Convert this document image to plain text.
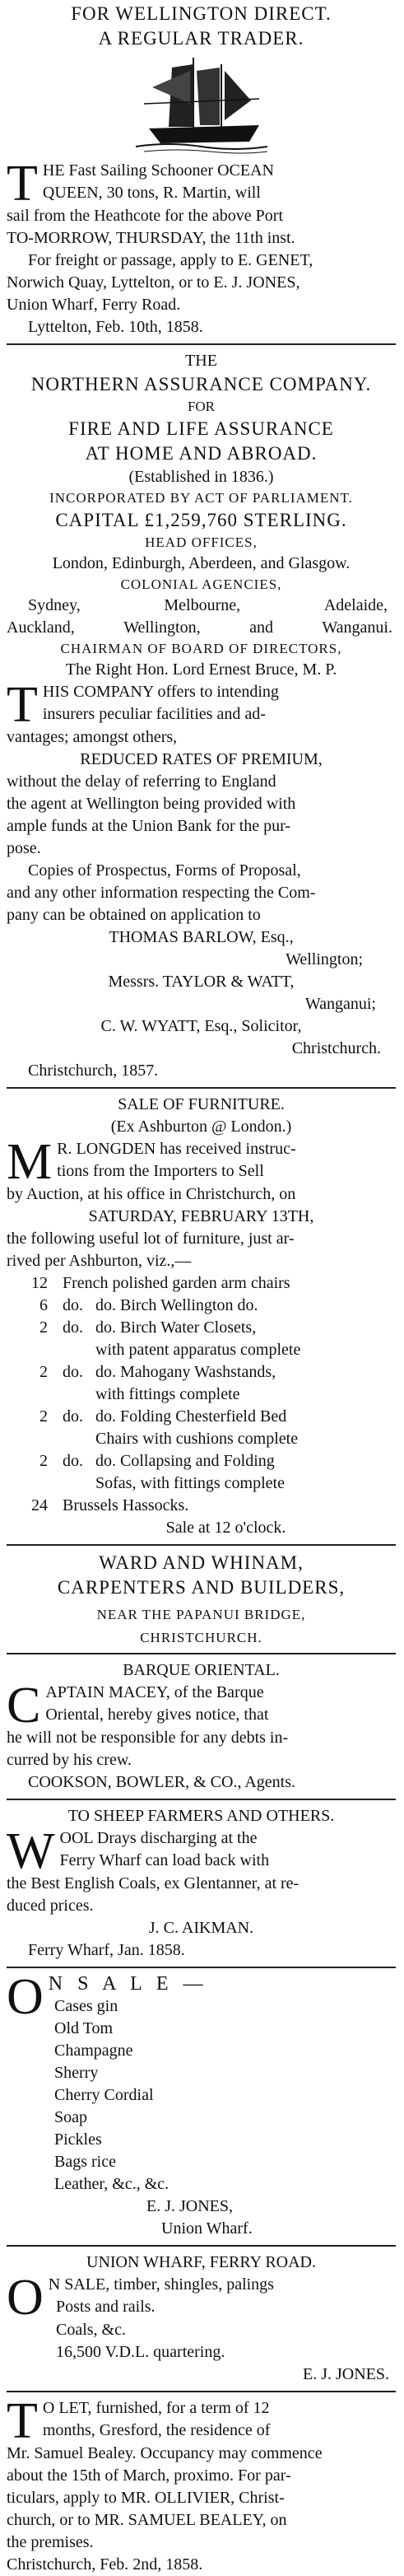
FOR WELLINGTON DIRECT.
A REGULAR TRADER.
T HE Fast Sailing Schooner OCEAN
QUEEN, 30 tons, R. Martin, will
sail from the Heathcote for the above Port
TO-MORROW, THURSDAY, the 11th inst.
For freight or passage, apply to E. GENET,
Norwich Quay, Lyttelton, or to E. J. JONES,
Union Wharf, Ferry Road.
Lyttelton, Feb. 10th, 1858.
THE
NORTHERN ASSURANCE COMPANY.
FOR
FIRE AND LIFE ASSURANCE
AT HOME AND ABROAD.
(Established in 1836.)
INCORPORATED BY ACT OF PARLIAMENT.
CAPITAL £1,259,760 STERLING.
HEAD OFFICES,
London, Edinburgh, Aberdeen, and Glasgow.
COLONIAL AGENCIES,
Sydney,	Melbourne,	Adelaide,
Auckland,	Wellington,	and	Wanganui.
CHAIRMAN OF BOARD OF DIRECTORS,
The Right Hon. Lord Ernest Bruce, M. P.
T HIS COMPANY offers to intending
insurers peculiar facilities and ad-
vantages; amongst others,
REDUCED RATES OF PREMIUM,
without the delay of referring to England
the agent at Wellington being provided with
ample funds at the Union Bank for the pur-
pose.
Copies of Prospectus, Forms of Proposal,
and any other information respecting the Com-
pany can be obtained on application to
THOMAS BARLOW, Esq.,
Wellington;
Messrs. TAYLOR & WATT,
Wanganui;
C. W. WYATT, Esq., Solicitor,
Christchurch.
Christchurch, 1857.
SALE OF FURNITURE.
(Ex Ashburton @ London.)
M R. LONGDEN has received instruc-
tions from the Importers to Sell
by Auction, at his office in Christchurch, on
SATURDAY, FEBRUARY 13TH,
the following useful lot of furniture, just ar-
rived per Ashburton, viz.,—
12 French polished garden arm chairs
6 do. do. Birch Wellington do.
2 do. do. Birch Water Closets,
with patent apparatus complete
2 do. do. Mahogany Washstands,
with fittings complete
2 do. do. Folding Chesterfield Bed
Chairs with cushions complete
2 do. do. Collapsing and Folding
Sofas, with fittings complete
24 Brussels Hassocks.
Sale at 12 o'clock.
WARD AND WHINAM,
CARPENTERS AND BUILDERS,
NEAR THE PAPANUI BRIDGE,
CHRISTCHURCH.
BARQUE ORIENTAL.
C APTAIN MACEY, of the Barque
Oriental, hereby gives notice, that
he will not be responsible for any debts in-
curred by his crew.
COOKSON, BOWLER, & CO., Agents.
TO SHEEP FARMERS AND OTHERS.
W OOL Drays discharging at the
Ferry Wharf can load back with
the Best English Coals, ex Glentanner, at re-
duced prices.
J. C. AIKMAN.
Ferry Wharf, Jan. 1858.
O N S A L E —
Cases gin
Old Tom
Champagne
Sherry
Cherry Cordial
Soap
Pickles
Bags rice
Leather, &c., &c.
E. J. JONES,
Union Wharf.
UNION WHARF, FERRY ROAD.
O N SALE, timber, shingles, palings
Posts and rails.
Coals, &c.
16,500 V.D.L. quartering.
E. J. JONES.
T O LET, furnished, for a term of 12
months, Gresford, the residence of
Mr. Samuel Bealey. Occupancy may commence
about the 15th of March, proximo. For par-
ticulars, apply to MR. OLLIVIER, Christ-
church, or to MR. SAMUEL BEALEY, on
the premises.
Christchurch, Feb. 2nd, 1858.
